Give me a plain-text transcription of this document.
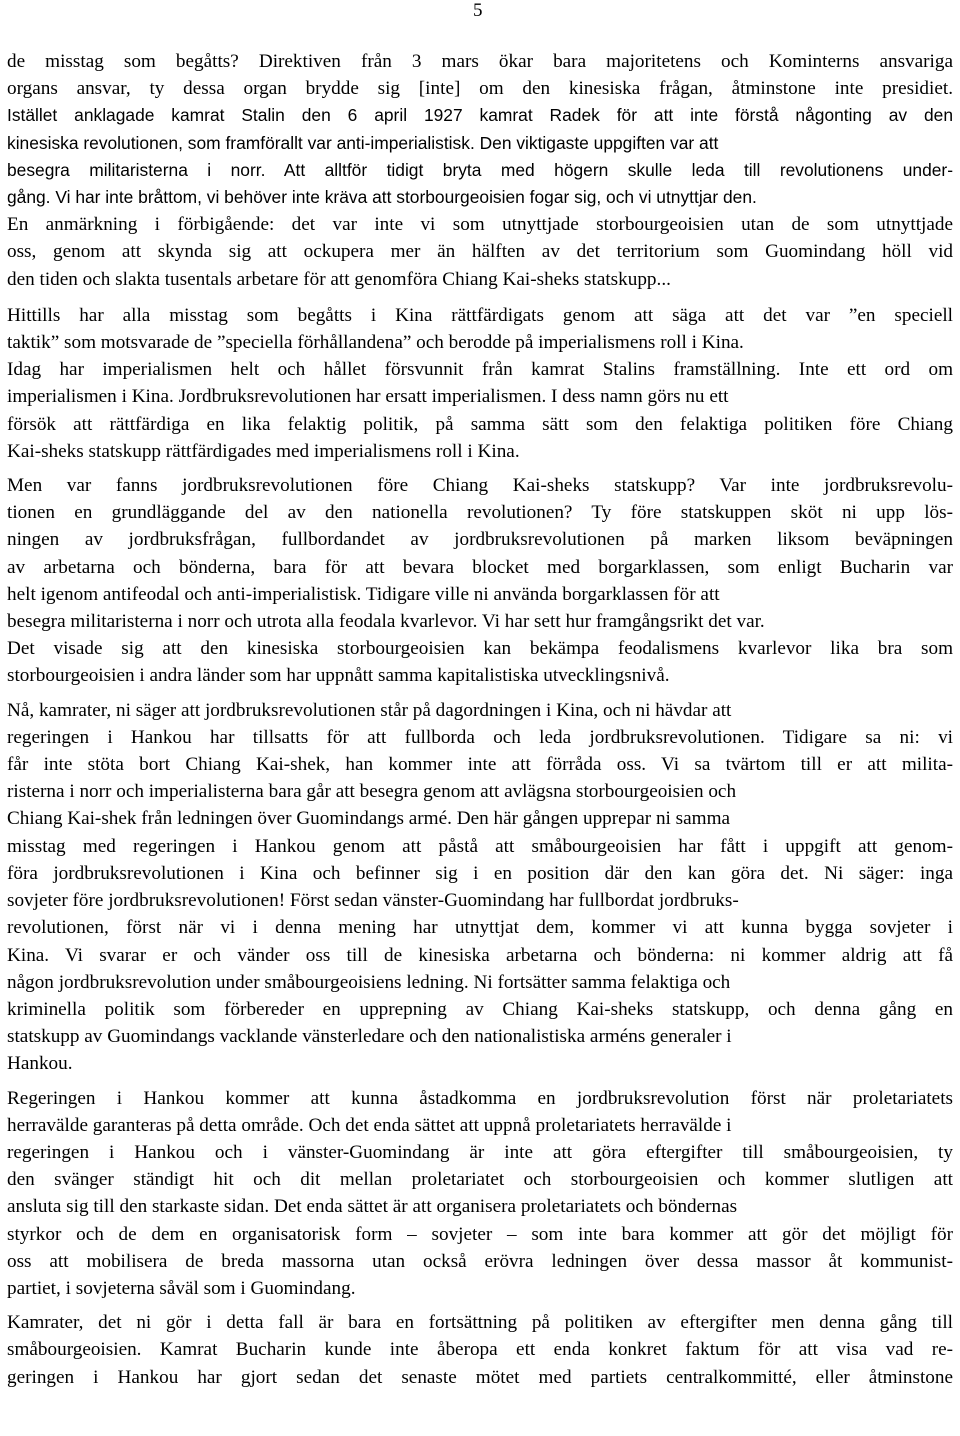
5
de misstag som begåtts? Direktiven från 3 mars ökar bara majoritetens och Kominterns ansvariga
organs ansvar, ty dessa organ brydde sig [inte] om den kinesiska frågan, åtminstone inte presidiet.
Istället anklagade kamrat Stalin den 6 april 1927 kamrat Radek för att inte förstå någonting av den
kinesiska revolutionen, som framförallt var anti-imperialistisk. Den viktigaste uppgiften var att
besegra militaristerna i norr. Att alltför tidigt bryta med högern skulle leda till revolutionens under-
gång. Vi har inte bråttom, vi behöver inte kräva att storbourgeoisien fogar sig, och vi utnyttjar den.
En anmärkning i förbigående: det var inte vi som utnyttjade storbourgeoisien utan de som utnyttjade
oss, genom att skynda sig att ockupera mer än hälften av det territorium som Guomindang höll vid
den tiden och slakta tusentals arbetare för att genomföra Chiang Kai-sheks statskupp...
Hittills har alla misstag som begåtts i Kina rättfärdigats genom att säga att det var ”en speciell
taktik” som motsvarade de ”speciella förhållandena” och berodde på imperialismens roll i Kina.
Idag har imperialismen helt och hållet försvunnit från kamrat Stalins framställning. Inte ett ord om
imperialismen i Kina. Jordbruksrevolutionen har ersatt imperialismen. I dess namn görs nu ett
försök att rättfärdiga en lika felaktig politik, på samma sätt som den felaktiga politiken före Chiang
Kai-sheks statskupp rättfärdigades med imperialismens roll i Kina.
Men var fanns jordbruksrevolutionen före Chiang Kai-sheks statskupp? Var inte jordbruksrevolu-
tionen en grundläggande del av den nationella revolutionen? Ty före statskuppen sköt ni upp lös-
ningen av jordbruksfrågan, fullbordandet av jordbruksrevolutionen på marken liksom beväpningen
av arbetarna och bönderna, bara för att bevara blocket med borgarklassen, som enligt Bucharin var
helt igenom antifeodal och anti-imperialistisk. Tidigare ville ni använda borgarklassen för att
besegra militaristerna i norr och utrota alla feodala kvarlevor. Vi har sett hur framgångsrikt det var.
Det visade sig att den kinesiska storbourgeoisien kan bekämpa feodalismens kvarlevor lika bra som
storbourgeoisien i andra länder som har uppnått samma kapitalistiska utvecklingsnivå.
Nå, kamrater, ni säger att jordbruksrevolutionen står på dagordningen i Kina, och ni hävdar att
regeringen i Hankou har tillsatts för att fullborda och leda jordbruksrevolutionen. Tidigare sa ni: vi
får inte stöta bort Chiang Kai-shek, han kommer inte att förråda oss. Vi sa tvärtom till er att milita-
risterna i norr och imperialisterna bara går att besegra genom att avlägsna storbourgeoisien och
Chiang Kai-shek från ledningen över Guomindangs armé. Den här gången upprepar ni samma
misstag med regeringen i Hankou genom att påstå att småbourgeoisien har fått i uppgift att genom-
föra jordbruksrevolutionen i Kina och befinner sig i en position där den kan göra det. Ni säger: inga
sovjeter före jordbruksrevolutionen! Först sedan vänster-Guomindang har fullbordat jordbruks-
revolutionen, först när vi i denna mening har utnyttjat dem, kommer vi att kunna bygga sovjeter i
Kina. Vi svarar er och vänder oss till de kinesiska arbetarna och bönderna: ni kommer aldrig att få
någon jordbruksrevolution under småbourgeoisiens ledning. Ni fortsätter samma felaktiga och
kriminella politik som förbereder en upprepning av Chiang Kai-sheks statskupp, och denna gång en
statskupp av Guomindangs vacklande vänsterledare och den nationalistiska arméns generaler i
Hankou.
Regeringen i Hankou kommer att kunna åstadkomma en jordbruksrevolution först när proletariatets
herravälde garanteras på detta område. Och det enda sättet att uppnå proletariatets herravälde i
regeringen i Hankou och i vänster-Guomindang är inte att göra eftergifter till småbourgeoisien, ty
den svänger ständigt hit och dit mellan proletariatet och storbourgeoisien och kommer slutligen att
ansluta sig till den starkaste sidan. Det enda sättet är att organisera proletariatets och böndernas
styrkor och de dem en organisatorisk form – sovjeter – som inte bara kommer att gör det möjligt för
oss att mobilisera de breda massorna utan också erövra ledningen över dessa massor åt kommunist-
partiet, i sovjeterna såväl som i Guomindang.
Kamrater, det ni gör i detta fall är bara en fortsättning på politiken av eftergifter men denna gång till
småbourgeoisien. Kamrat Bucharin kunde inte åberopa ett enda konkret faktum för att visa vad re-
geringen i Hankou har gjort sedan det senaste mötet med partiets centralkommitté, eller åtminstone
